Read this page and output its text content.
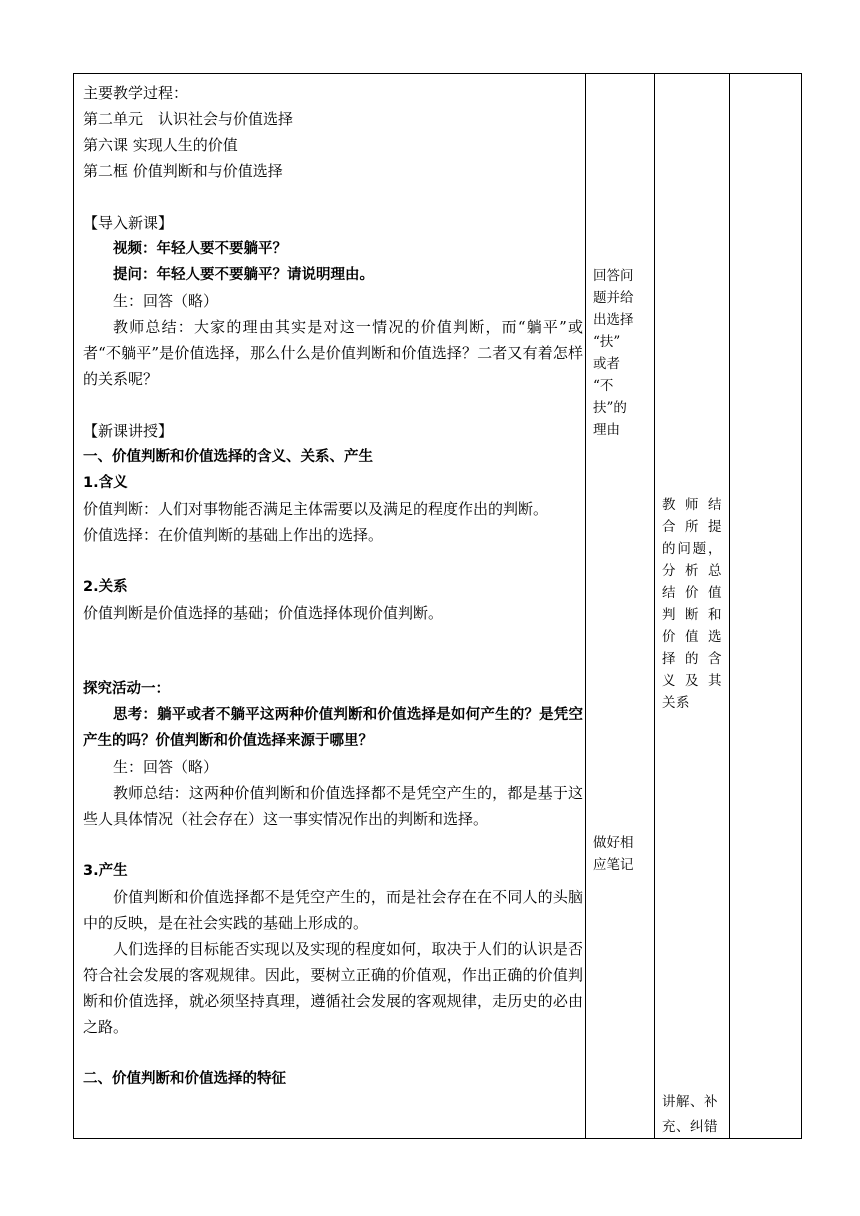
主要教学过程：

第二单元　认识社会与价值选择

第六课 实现人生的价值

第二框 价值判断和与价值选择

【导入新课】

视频：年轻人要不要躺平？

提问：年轻人要不要躺平？请说明理由。

生：回答（略）

教师总结：大家的理由其实是对这一情况的价值判断，而“躺平”或者“不躺平”是价值选择，那么什么是价值判断和价值选择？二者又有着怎样的关系呢？

【新课讲授】

一、价值判断和价值选择的含义、关系、产生

1.含义

价值判断：人们对事物能否满足主体需要以及满足的程度作出的判断。

价值选择：在价值判断的基础上作出的选择。

2.关系

价值判断是价值选择的基础；价值选择体现价值判断。

探究活动一：

思考：躺平或者不躺平这两种价值判断和价值选择是如何产生的？是凭空产生的吗？价值判断和价值选择来源于哪里？

生：回答（略）

教师总结：这两种价值判断和价值选择都不是凭空产生的，都是基于这些人具体情况（社会存在）这一事实情况作出的判断和选择。

3.产生

价值判断和价值选择都不是凭空产生的，而是社会存在在不同人的头脑中的反映，是在社会实践的基础上形成的。

人们选择的目标能否实现以及实现的程度如何，取决于人们的认识是否符合社会发展的客观规律。因此，要树立正确的价值观，作出正确的价值判断和价值选择，就必须坚持真理，遵循社会发展的客观规律，走历史的必由之路。

二、价值判断和价值选择的特征

回答问

题并给

出选择

“扶”

或者

“不

扶”的

理由

做好相

应笔记

教师结

合所提

的问题，

分析总

结价值

判断和

价值选

择的含

义及其

关系

讲解、补

充、纠错
